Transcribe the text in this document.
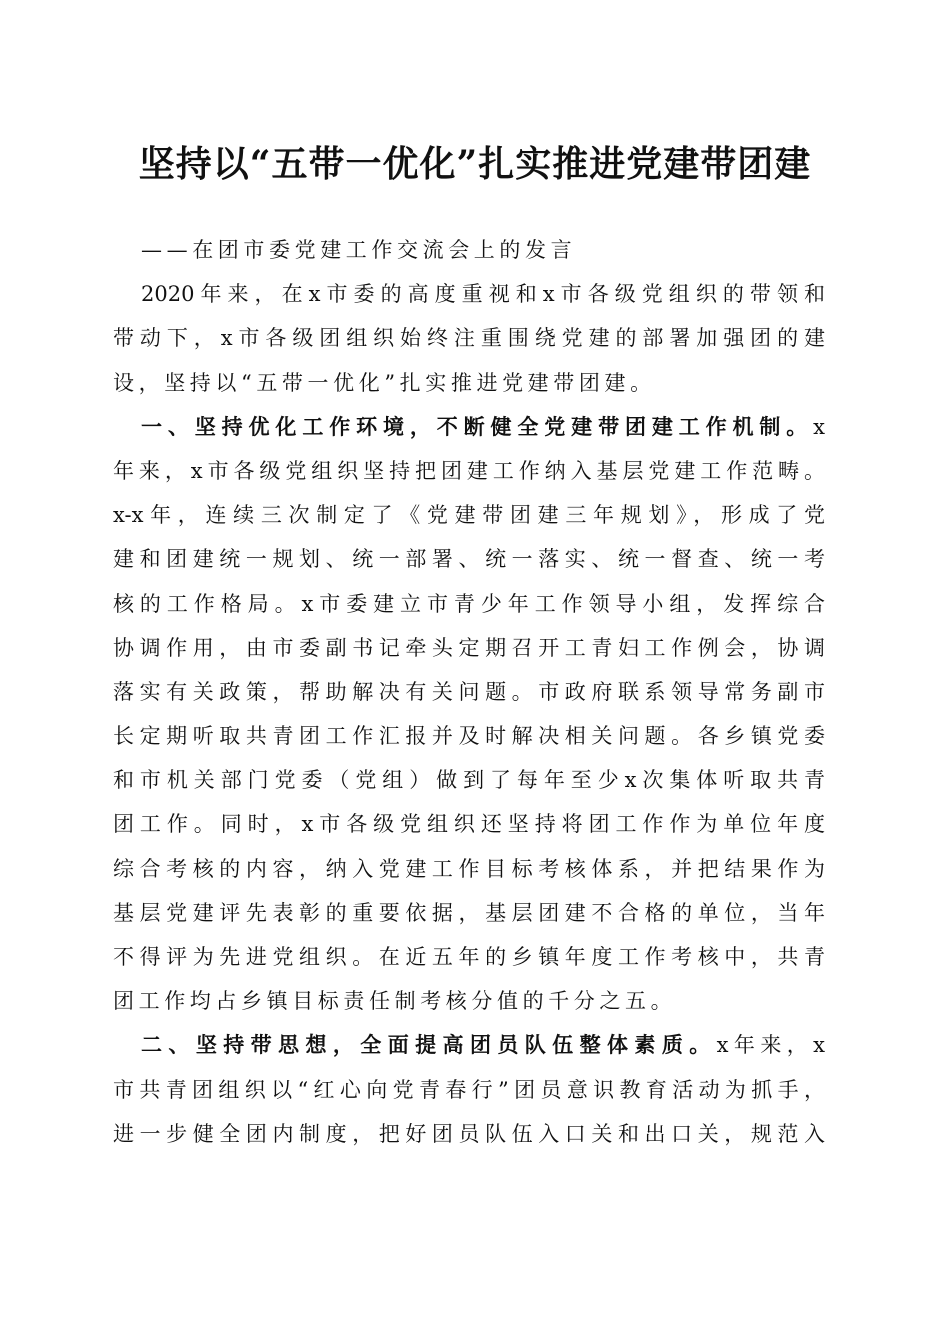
坚持以“五带一优化”扎实推进党建带团建
——在团市委党建工作交流会上的发言
2020年来，在x市委的高度重视和x市各级党组织的带领和
带动下，x市各级团组织始终注重围绕党建的部署加强团的建
设，坚持以“五带一优化”扎实推进党建带团建。
一、坚持优化工作环境，不断健全党建带团建工作机制。x
年来，x市各级党组织坚持把团建工作纳入基层党建工作范畴。
x-x年，连续三次制定了《党建带团建三年规划》，形成了党
建和团建统一规划、统一部署、统一落实、统一督查、统一考
核的工作格局。x市委建立市青少年工作领导小组，发挥综合
协调作用，由市委副书记牵头定期召开工青妇工作例会，协调
落实有关政策，帮助解决有关问题。市政府联系领导常务副市
长定期听取共青团工作汇报并及时解决相关问题。各乡镇党委
和市机关部门党委（党组）做到了每年至少x次集体听取共青
团工作。同时，x市各级党组织还坚持将团工作作为单位年度
综合考核的内容，纳入党建工作目标考核体系，并把结果作为
基层党建评先表彰的重要依据，基层团建不合格的单位，当年
不得评为先进党组织。在近五年的乡镇年度工作考核中，共青
团工作均占乡镇目标责任制考核分值的千分之五。
二、坚持带思想，全面提高团员队伍整体素质。x年来，x
市共青团组织以“红心向党青春行”团员意识教育活动为抓手，
进一步健全团内制度，把好团员队伍入口关和出口关，规范入
